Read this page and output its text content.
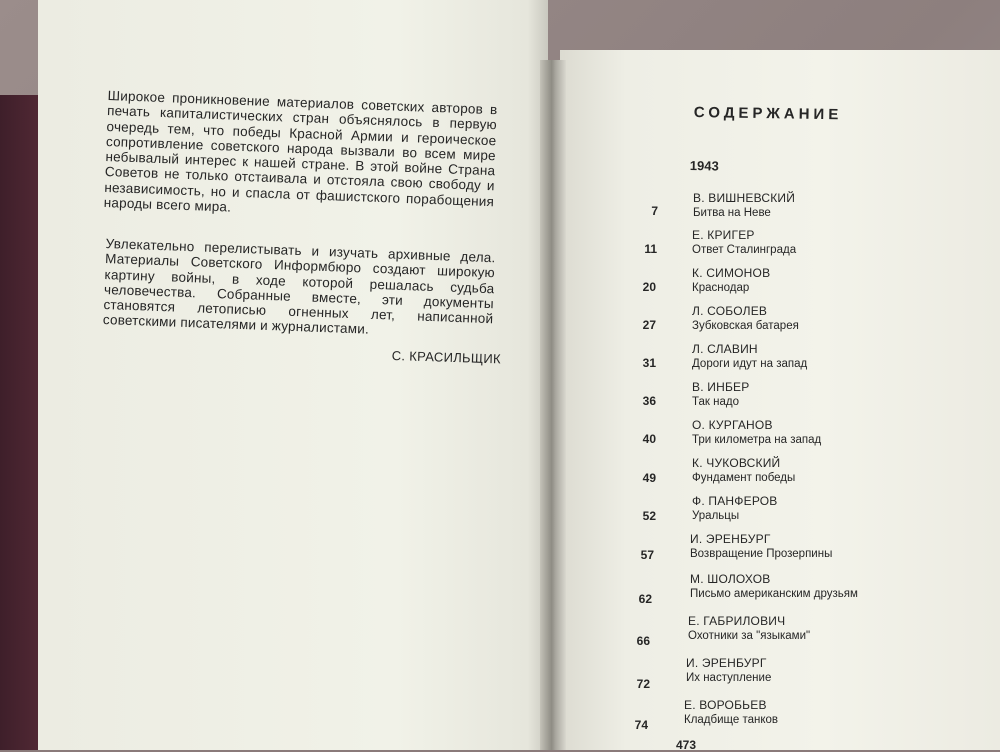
Широкое проникновение материалов советских авторов в печать капиталистических стран объяснялось в первую очередь тем, что победы Красной Армии и героическое сопротивление советского народа вызвали во всем мире небывалый интерес к нашей стране. В этой войне Страна Советов не только отстаивала и отстояла свою свободу и независимость, но и спасла от фашистского порабощения народы всего мира.
Увлекательно перелистывать и изучать архивные дела. Материалы Советского Информбюро создают широкую картину войны, в ходе которой решалась судьба человечества. Собранные вместе, эти документы становятся летописью огненных лет, написанной советскими писателями и журналистами.
С. КРАСИЛЬЩИК
СОДЕРЖАНИЕ
1943
В. ВИШНЕВСКИЙ
Битва на Неве
7
Е. КРИГЕР
Ответ Сталинграда
11
К. СИМОНОВ
Краснодар
20
Л. СОБОЛЕВ
Зубковская батарея
27
Л. СЛАВИН
Дороги идут на запад
31
В. ИНБЕР
Так надо
36
О. КУРГАНОВ
Три километра на запад
40
К. ЧУКОВСКИЙ
Фундамент победы
49
Ф. ПАНФЕРОВ
Уральцы
52
И. ЭРЕНБУРГ
Возвращение Прозерпины
57
М. ШОЛОХОВ
Письмо американским друзьям
62
Е. ГАБРИЛОВИЧ
Охотники за "языками"
66
И. ЭРЕНБУРГ
Их наступление
72
Е. ВОРОБЬЕВ
Кладбище танков
74
473
